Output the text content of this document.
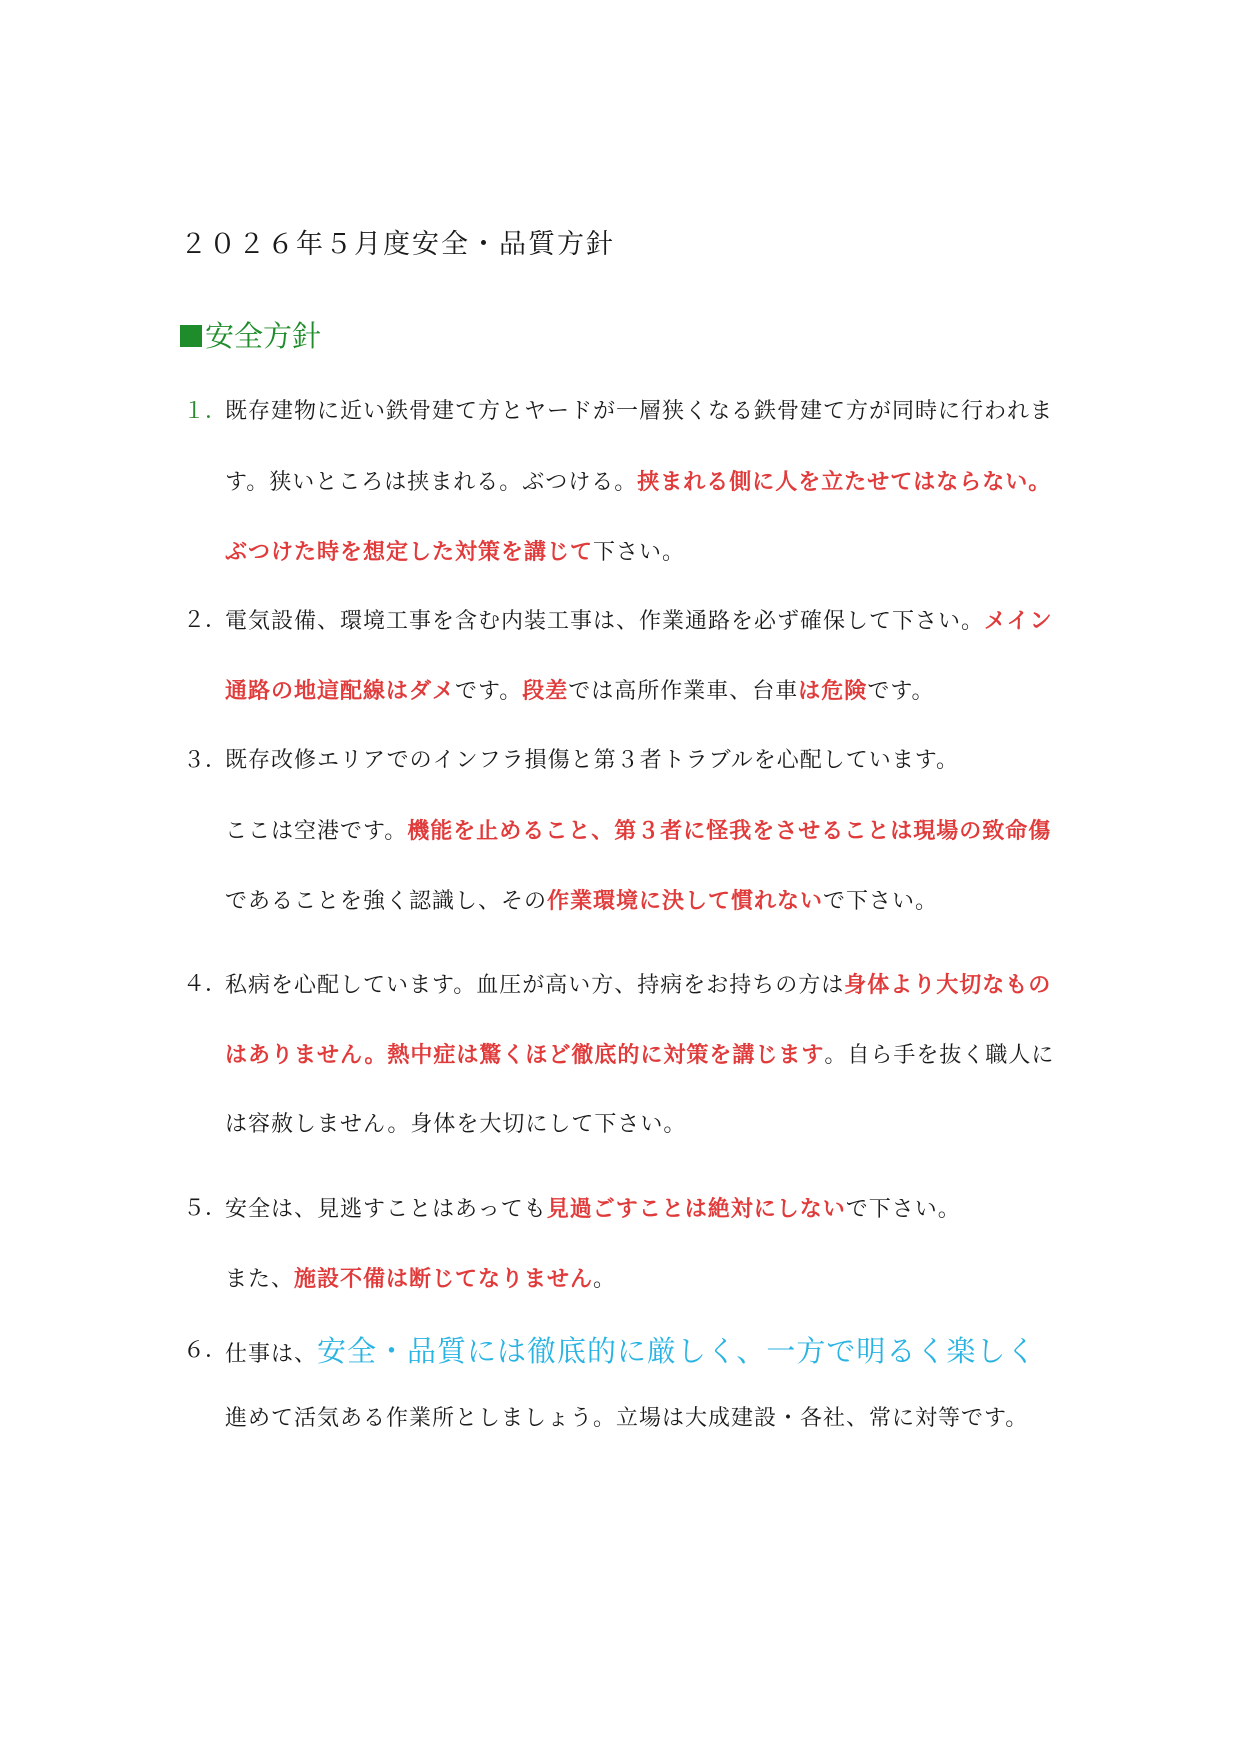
２０２６年５月度安全・品質方針
安全方針
１．
既存建物に近い鉄骨建て方とヤードが一層狭くなる鉄骨建て方が同時に行われま
す。狭いところは挟まれる。ぶつける。挟まれる側に人を立たせてはならない。
ぶつけた時を想定した対策を講じて下さい。
２．
電気設備、環境工事を含む内装工事は、作業通路を必ず確保して下さい。メイン
通路の地這配線はダメです。段差では高所作業車、台車は危険です。
３．
既存改修エリアでのインフラ損傷と第３者トラブルを心配しています。
ここは空港です。機能を止めること、第３者に怪我をさせることは現場の致命傷
であることを強く認識し、その作業環境に決して慣れないで下さい。
４．
私病を心配しています。血圧が高い方、持病をお持ちの方は身体より大切なもの
はありません。熱中症は驚くほど徹底的に対策を講じます。自ら手を抜く職人に
は容赦しません。身体を大切にして下さい。
５．
安全は、見逃すことはあっても見過ごすことは絶対にしないで下さい。
また、施設不備は断じてなりません。
６．
仕事は、安全・品質には徹底的に厳しく、一方で明るく楽しく
進めて活気ある作業所としましょう。立場は大成建設・各社、常に対等です。
